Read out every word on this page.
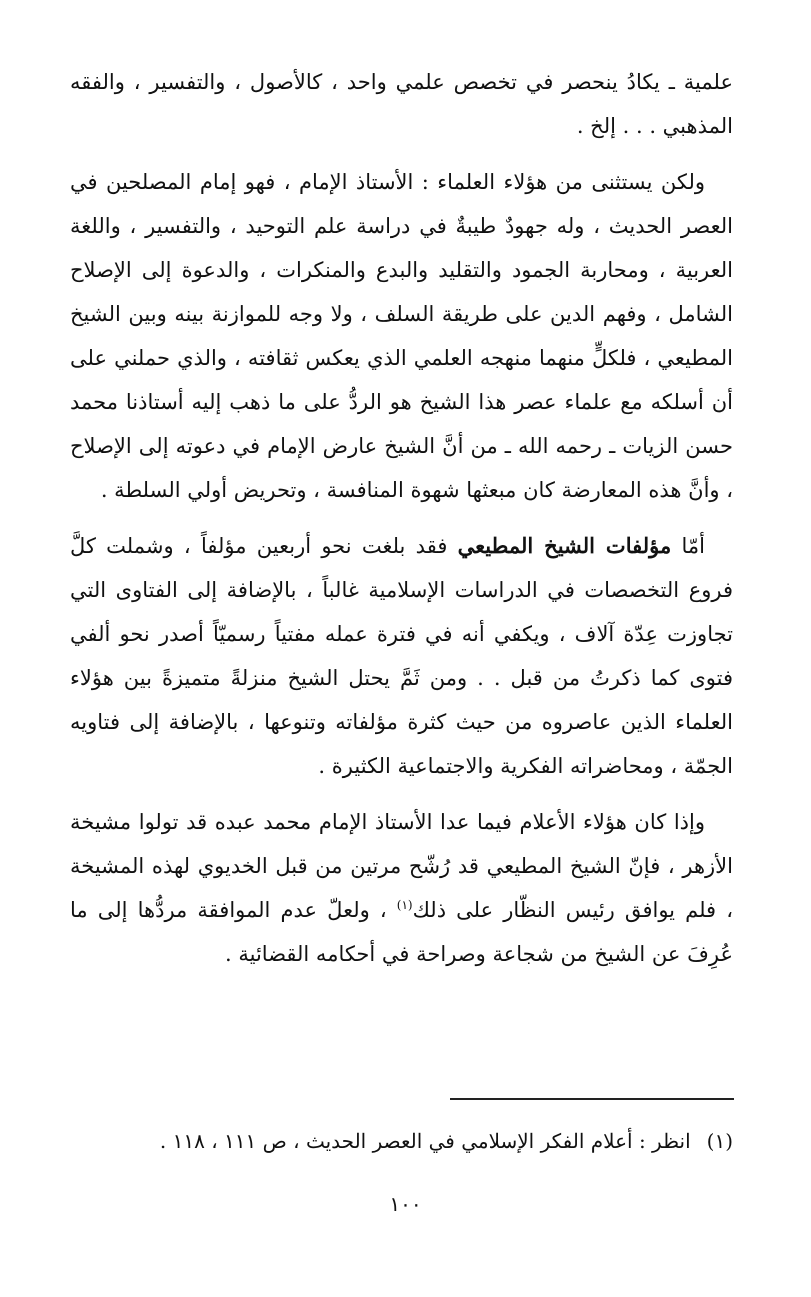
علمية ـ يكادُ ينحصر في تخصص علمي واحد ، كالأصول ، والتفسير ، والفقه المذهبي . . . إلخ .

ولكن يستثنى من هؤلاء العلماء : الأستاذ الإمام ، فهو إمام المصلحين في العصر الحديث ، وله جهودٌ طيبةٌ في دراسة علم التوحيد ، والتفسير ، واللغة العربية ، ومحاربة الجمود والتقليد والبدع والمنكرات ، والدعوة إلى الإصلاح الشامل ، وفهم الدين على طريقة السلف ، ولا وجه للموازنة بينه وبين الشيخ المطيعي ، فلكلٍّ منهما منهجه العلمي الذي يعكس ثقافته ، والذي حملني على أن أسلكه مع علماء عصر هذا الشيخ هو الردُّ على ما ذهب إليه أستاذنا محمد حسن الزيات ـ رحمه الله ـ من أنَّ الشيخ عارض الإمام في دعوته إلى الإصلاح ، وأنَّ هذه المعارضة كان مبعثها شهوة المنافسة ، وتحريض أولي السلطة .

أمّا مؤلفات الشيخ المطيعي فقد بلغت نحو أربعين مؤلفاً ، وشملت كلَّ فروع التخصصات في الدراسات الإسلامية غالباً ، بالإضافة إلى الفتاوى التي تجاوزت عِدّة آلاف ، ويكفي أنه في فترة عمله مفتياً رسميّاً أصدر نحو ألفي فتوى كما ذكرتُ من قبل . . ومن ثَمَّ يحتل الشيخ منزلةً متميزةً بين هؤلاء العلماء الذين عاصروه من حيث كثرة مؤلفاته وتنوعها ، بالإضافة إلى فتاويه الجمّة ، ومحاضراته الفكرية والاجتماعية الكثيرة .

وإذا كان هؤلاء الأعلام فيما عدا الأستاذ الإمام محمد عبده قد تولوا مشيخة الأزهر ، فإنّ الشيخ المطيعي قد رُشّح مرتين من قبل الخديوي لهذه المشيخة ، فلم يوافق رئيس النظّار على ذلك$^{(١)}$ ، ولعلّ عدم الموافقة مردُّها إلى ما عُرِفَ عن الشيخ من شجاعة وصراحة في أحكامه القضائية .

(١)انظر : أعلام الفكر الإسلامي في العصر الحديث ، ص ١١١ ، ١١٨ .
١٠٠
